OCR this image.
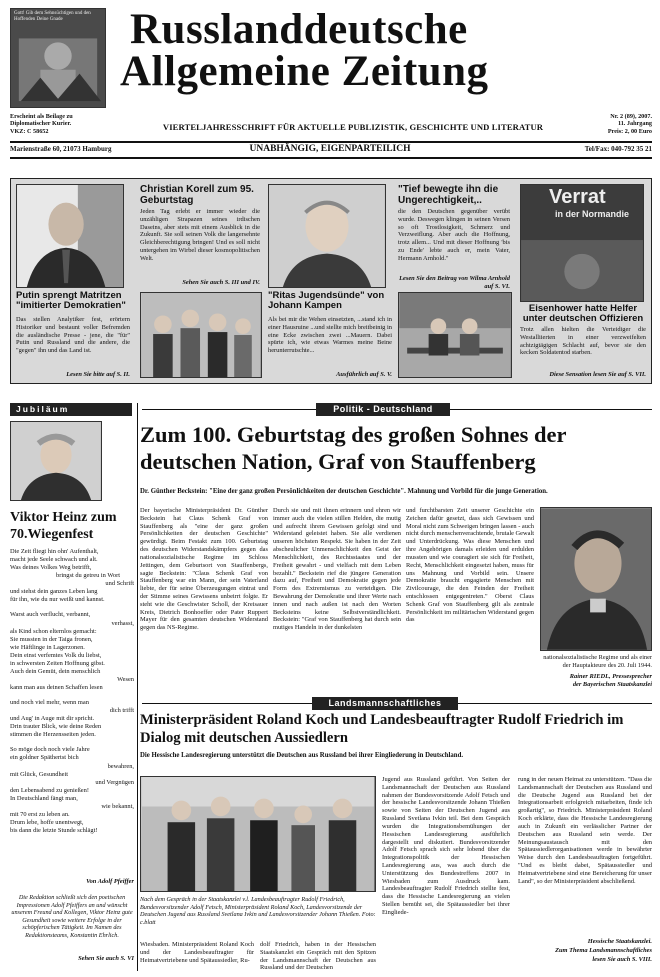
Gott! Gib dem Sehnsüchtigen und den Hoffenden Deine Gnade	Russlanddeutsche
Allgemeine Zeitung
Erscheint als Beilage zu
Diplomatischer Kurier.
VKZ: C 58652	VIERTELJAHRESSCHRIFT FÜR AKTUELLE PUBLIZISTIK, GESCHICHTE UND LITERATUR
Nr. 2 (89), 2007.
11. Jahrgang
Preis: 2, 00 Euro
Marienstraße 60, 21073 Hamburg	UNABHÄNGIG, EIGENPARTEILICH	Tel/Fax: 040-792 35 21
Putin sprengt Matritzen "imitierter Demokratien"
Das stellen Analytiker fest, erörtern Historiker und bestaunt voller Befremden die ausländische Presse - jene, die "für" Putin und Russland und die andere, die "gegen" ihn und das Land ist.
Lesen Sie bitte auf S. II.
Christian Korell zum 95. Geburtstag
Jeden Tag erlebt er immer wieder die unzähligen Strapazen seines irdischen Daseins, aber stets mit einem Ausblick in die Zukunft. Sie soll seinen Volk die langersehnte Gleichberechtigung bringen! Und es soll nicht untergehen im Wirbel dieser kosmopolitischen Welt.
Sehen Sie auch S. III und IV.
"Ritas Jugendsünde" von Johann Kampen
Als bei mir die Wehen einsetzten, ...stand ich in einer Hausruine ...und stellte mich breitbeinig in eine Ecke zwischen zwei ...Mauern. Dabei spürte ich, wie etwas Warmes meine Beine herunterrutschte...
Ausführlich auf S. V.
"Tief bewegte ihn die Ungerechtigkeit,..
die den Deutschen gegenüber verübt wurde. Deswegen klingen in seinen Versen so oft Trostlosigkeit, Schmerz und Verzweiflung. Aber auch die Hoffnung, trotz allem... Und mit dieser Hoffnung 'bis zu Ende' lebte auch er, mein Vater, Hermann Arnhold."
Lesen Sie den Beitrag von Wilma Arnhold auf S. VI.
Verrat
in der Normandie
Eisenhower hatte Helfer unter deutschen Offizieren
Trotz allen hielten die Verteidiger die Westalliierten in einer verzweifelten achtzigtägigen Schlacht auf, bevor sie den kecken Soldatentod starben.
Diese Sensation lesen Sie auf S. VII.
Jubiläum
Viktor Heinz zum 70.Wiegenfest
Die Zeit fliegt hin ohn' Aufenthalt,
macht jede Seele schwach und alt.
Was deines Volkes Weg betrifft,
bringst du getreu in Wort
und Schrift
und stehst dein ganzes Leben lang
für ihn, wie du nur weißt und kannst.
Warst auch verflucht, verbannt,
verhasst,
als Kind schon elternlos gemacht:
Sie mussten in der Taiga fronen,
wie Häftlinge in Lagerzonen.
Dein einst verfemtes Volk du liebst,
in schwersten Zeiten Hoffnung gibst.
Auch dein Gemüt, dein menschlich
Wesen
kann man aus deinen Schaffen lesen
und noch viel mehr, wenn man
dich trifft
und Aug' in Auge mit dir spricht.
Drin trauter Blick, wie deine Reden
stimmen die Herzensseiten jeden.
So möge doch noch viele Jahre
ein goldner Späthertst bich
bewahren,
mit Glück, Gesundheit
und Vergnügen
den Lebensabend zu genießen!
In Deutschland fängt man,
wie bekannt,
mit 70 erst zu leben an.
Drum lebe, hoffe unentwegt,
bis dann die letzte Stunde schlägt!
Von Adolf Pfeiffer
Die Redaktion schließt sich den poetischen Impressionen Adolf Pfeiffers an und wünscht unserem Freund und Kollegen, Viktor Heinz gute Gesundheit sowie weitere Erfolge in der schöpferischen Tätigkeit. Im Namen des Redaktionsteams, Konstantin Ehrlich.
Sehen Sie auch S. VI
Politik - Deutschland
Zum 100. Geburtstag des großen Sohnes der deutschen Nation, Graf von Stauffenberg
Dr. Günther Beckstein: "Eine der ganz großen Persönlichkeiten der deutschen Geschichte". Mahnung und Vorbild für die junge Generation.
Der bayerische Ministerpräsident Dr. Günther Beckstein hat Claus Schenk Graf von Stauffenberg als "eine der ganz großen Persönlichkeiten der deutschen Geschichte" gewürdigt. Beim Festakt zum 100. Geburtstag des deutschen Widerstandskämpfers gegen das nationalsozialistische Regime im Schloss Jettingen, dem Geburtsort von Stauffenbergs, sagte Beckstein: "Claus Schenk Graf von Stauffenberg war ein Mann, der sein Vaterland liebte, der für seine Überzeugungen eintrat und der Stimme seines Gewissens unbeirrt folgte. Er steht wie die Geschwister Scholl, der Kreisauer Kreis, Dietrich Bonhoeffer oder Pater Ruppert Mayer für den gesamten deutschen Widerstand gegen das NS-Regime.
Durch sie und mit ihnen erinnern und ehren wir immer auch die vielen stillen Helden, die mutig und aufrecht ihrem Gewissen gefolgt sind und Widerstand geleistet haben. Sie alle verdienen unseren höchsten Respekt. Sie haben in der Zeit abscheulicher Unmenschlichkeit den Geist der Menschlichkeit, des Rechtsstaates und der Freiheit gewahrt - und vielfach mit dem Leben bezahlt." Beckstein rief die jüngere Generation dazu auf, Freiheit und Demokratie gegen jede Form des Extremismus zu verteidigen. Die Bewahrung der Demokratie und ihrer Werte nach innen und nach außen ist nach den Worten Becksteins keine Selbstverständlichkeit. Beckstein: "Graf von Stauffenberg hat durch sein mutiges Handeln in der dunkelsten
und furchtbarsten Zeit unserer Geschichte ein Zeichen dafür gesetzt, dass sich Gewissen und Moral nicht zum Schweigen bringen lassen - auch nicht durch menschenverachtende, brutale Gewalt und Unterdrückung. Was diese Menschen und ihre Angehörigen damals erleiden und erdulden mussten und wie couragiert sie sich für Freiheit, Recht, Menschlichkeit eingesetzt haben, muss für uns Mahnung und Vorbild sein. Unsere Demokratie braucht engagierte Menschen mit Zivilcourage, die den Feinden der Freiheit entschlossen entgegentreten." Oberst Claus Schenk Graf von Stauffenberg gilt als zentrale Persönlichkeit im militärischen Widerstand gegen das
nationalsozialistische Regime und als einer der Hauptakteure des 20. Juli 1944.
Rainer RIEDL, Pressesprecher
der Bayerischen Staatskanzlei
Landsmannschaftliches
Ministerpräsident Roland Koch und Landesbeauftragter Rudolf Friedrich im Dialog mit deutschen Aussiedlern
Die Hessische Landesregierung unterstützt die Deutschen aus Russland bei ihrer Eingliederung in Deutschland.
Nach dem Gespräch in der Staatskanzlei v.l. Landesbeauftragter Rudolf Friedrich, Bundesvorsitzender Adolf Fetsch, Ministerpräsident Roland Koch, Landesvorsitzende der Deutschen Jugend aus Russland Svetlana Ivkin und Landesvorsitzender Johann Thießen. Foto: c.blatt
Wiesbaden. Ministerpräsident Roland Koch und der Landesbeauftragter für Heimatvertriebene und Spätaussiedler, Ru-
dolf Friedrich, haben in der Hessischen Staatskanzlei ein Gespräch mit den Spitzen der Landsmannschaft der Deutschen aus Russland und der Deutschen
Jugend aus Russland geführt. Von Seiten der Landsmannschaft der Deutschen aus Russland nahmen der Bundesvorsitzende Adolf Fetsch und der hessische Landesvorsitzende Johann Thießen sowie von Seiten der Deutschen Jugend aus Russland Svetlana Ivkin teil. Bei dem Gespräch wurden die Integrationsbemühungen der Hessischen Landesregierung ausführlich dargestellt und diskutiert. Bundesvorsitzender Adolf Fetsch sprach sich sehr lobend über die Integrationspolitik der Hessischen Landesregierung aus, was auch durch die Unterstützung des Bundestreffens 2007 in Wiesbaden zum Ausdruck kam. Landesbeauftragter Rudolf Friedrich stellte fest, dass die Hessische Landesregierung an vielen Stellen bemüht sei, die Spätaussiedler bei ihrer Eingliede-
rung in der neuen Heimat zu unterstützen. "Dass die Landsmannschaft der Deutschen aus Russland und die Deutsche Jugend aus Russland bei der Integrationsarbeit erfolgreich mitarbeiten, finde ich großartig", so Friedrich. Ministerpräsident Roland Koch erklärte, dass die Hessische Landesregierung auch in Zukunft ein verlässlicher Partner der Deutschen aus Russland sein werde. Der Meinungsaustausch mit den Spätaussiedlerorganisationen werde in bewährter Weise durch den Landesbeauftragten fortgeführt. "Und es bleibt dabei, Spätaussiedler und Heimatvertriebene sind eine Bereicherung für unser Land", so der Ministerpräsident abschließend.
Hessische Staatskanzlei.
Zum Thema Landsmannschaftliches
lesen Sie auch S. VIII.
